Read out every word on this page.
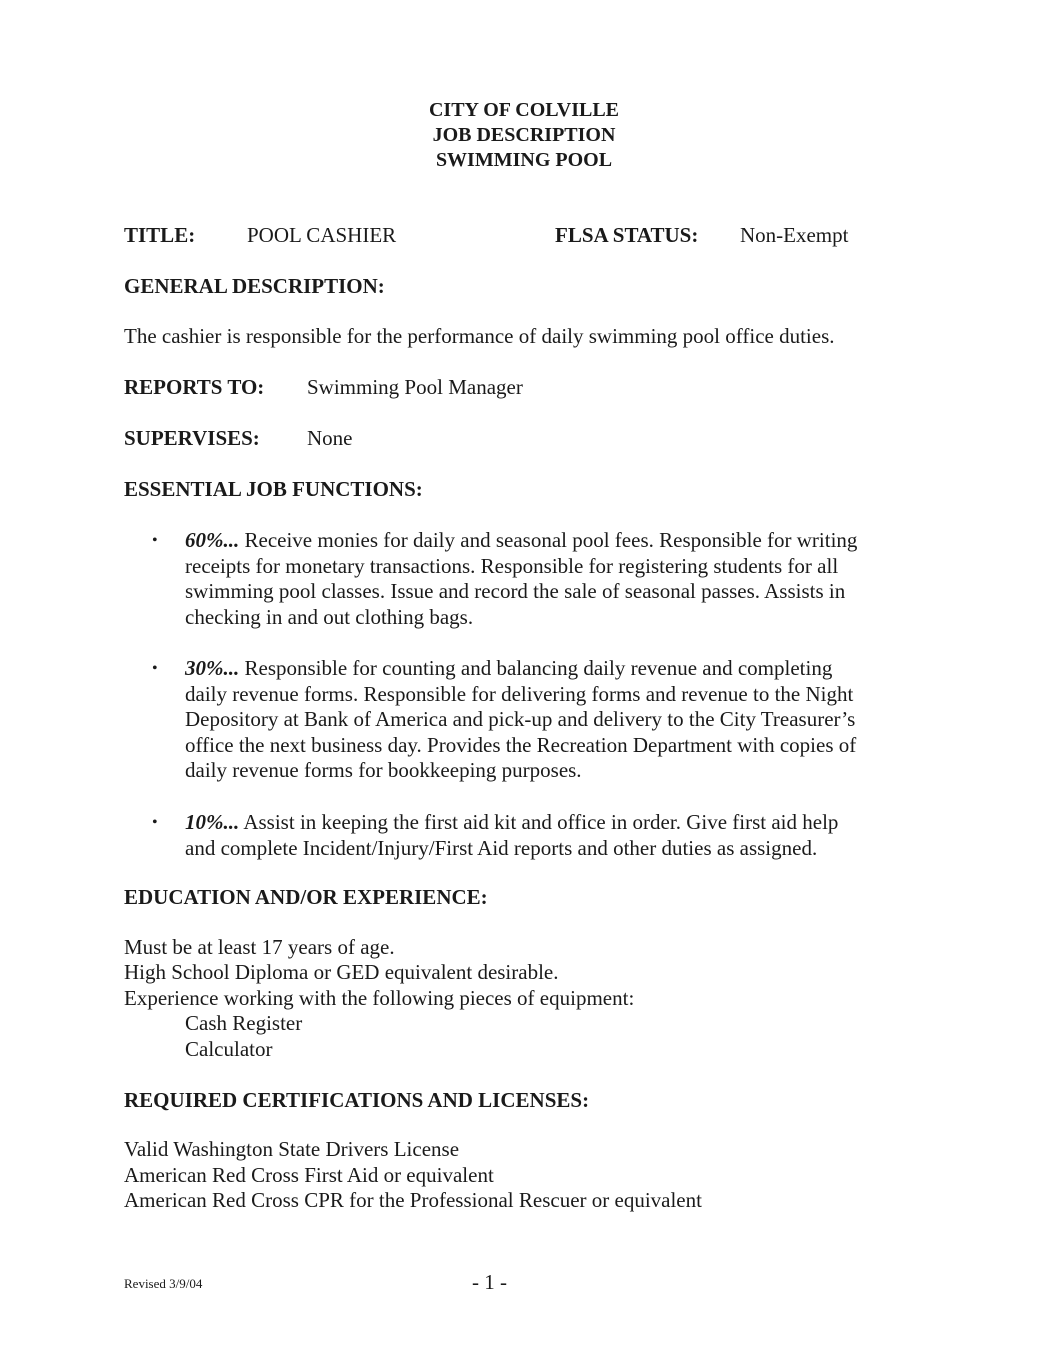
CITY OF COLVILLE
JOB DESCRIPTION
SWIMMING POOL
TITLE: POOL CASHIER	FLSA STATUS: Non-Exempt
GENERAL DESCRIPTION:
The cashier is responsible for the performance of daily swimming pool office duties.
REPORTS TO: Swimming Pool Manager
SUPERVISES: None
ESSENTIAL JOB FUNCTIONS:
• 60%... Receive monies for daily and seasonal pool fees. Responsible for writing
receipts for monetary transactions. Responsible for registering students for all
swimming pool classes. Issue and record the sale of seasonal passes. Assists in
checking in and out clothing bags.
• 30%... Responsible for counting and balancing daily revenue and completing
daily revenue forms. Responsible for delivering forms and revenue to the Night
Depository at Bank of America and pick-up and delivery to the City Treasurer’s
office the next business day. Provides the Recreation Department with copies of
daily revenue forms for bookkeeping purposes.
• 10%... Assist in keeping the first aid kit and office in order. Give first aid help
and complete Incident/Injury/First Aid reports and other duties as assigned.
EDUCATION AND/OR EXPERIENCE:
Must be at least 17 years of age.
High School Diploma or GED equivalent desirable.
Experience working with the following pieces of equipment:
Cash Register
Calculator
REQUIRED CERTIFICATIONS AND LICENSES:
Valid Washington State Drivers License
American Red Cross First Aid or equivalent
American Red Cross CPR for the Professional Rescuer or equivalent
Revised 3/9/04	- 1 -
